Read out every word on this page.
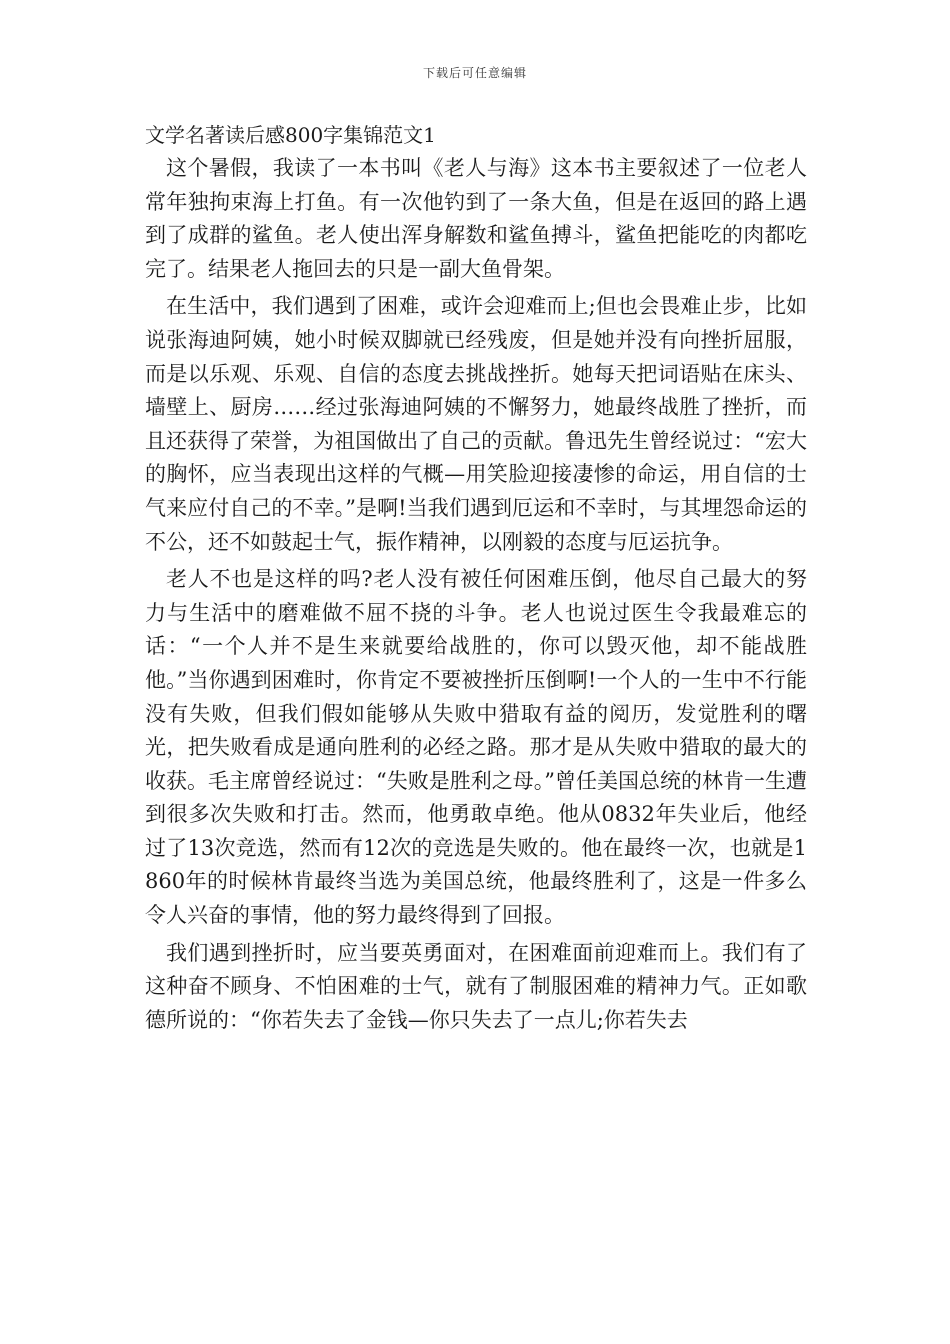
下载后可任意编辑
文学名著读后感800字集锦范文1

这个暑假，我读了一本书叫《老人与海》这本书主要叙述了一位老人常年独拘束海上打鱼。有一次他钓到了一条大鱼，但是在返回的路上遇到了成群的鲨鱼。老人使出浑身解数和鲨鱼搏斗，鲨鱼把能吃的肉都吃完了。结果老人拖回去的只是一副大鱼骨架。

在生活中，我们遇到了困难，或许会迎难而上;但也会畏难止步，比如说张海迪阿姨，她小时候双脚就已经残废，但是她并没有向挫折屈服，而是以乐观、乐观、自信的态度去挑战挫折。她每天把词语贴在床头、墙壁上、厨房……经过张海迪阿姨的不懈努力，她最终战胜了挫折，而且还获得了荣誉，为祖国做出了自己的贡献。鲁迅先生曾经说过：“宏大的胸怀，应当表现出这样的气概—用笑脸迎接凄惨的命运，用自信的士气来应付自己的不幸。”是啊!当我们遇到厄运和不幸时，与其埋怨命运的不公，还不如鼓起士气，振作精神，以刚毅的态度与厄运抗争。

老人不也是这样的吗?老人没有被任何困难压倒，他尽自己最大的努力与生活中的磨难做不屈不挠的斗争。老人也说过医生令我最难忘的话：“一个人并不是生来就要给战胜的，你可以毁灭他，却不能战胜他。”当你遇到困难时，你肯定不要被挫折压倒啊!一个人的一生中不行能没有失败，但我们假如能够从失败中猎取有益的阅历，发觉胜利的曙光，把失败看成是通向胜利的必经之路。那才是从失败中猎取的最大的收获。毛主席曾经说过：“失败是胜利之母。”曾任美国总统的林肯一生遭到很多次失败和打击。然而，他勇敢卓绝。他从0832年失业后，他经过了13次竞选，然而有12次的竞选是失败的。他在最终一次，也就是1860年的时候林肯最终当选为美国总统，他最终胜利了，这是一件多么令人兴奋的事情，他的努力最终得到了回报。

我们遇到挫折时，应当要英勇面对，在困难面前迎难而上。我们有了这种奋不顾身、不怕困难的士气，就有了制服困难的精神力气。正如歌德所说的：“你若失去了金钱—你只失去了一点儿;你若失去
